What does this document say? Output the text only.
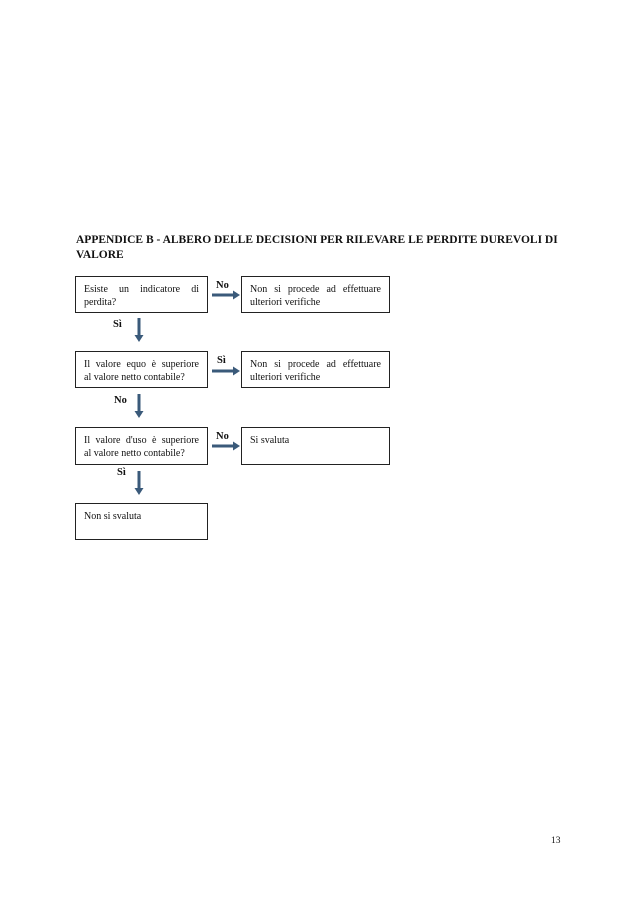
APPENDICE B - ALBERO DELLE DECISIONI PER RILEVARE LE PERDITE DUREVOLI DI VALORE
Esiste un indicatore di
perdita?
No Non si procede ad effettuare
ulteriori verifiche
Sì
Il valore equo è superiore
al valore netto contabile?
Sì Non si procede ad effettuare
ulteriori verifiche
No
Il valore d'uso è superiore
al valore netto contabile?
No Si svaluta
Sì
Non si svaluta
13
